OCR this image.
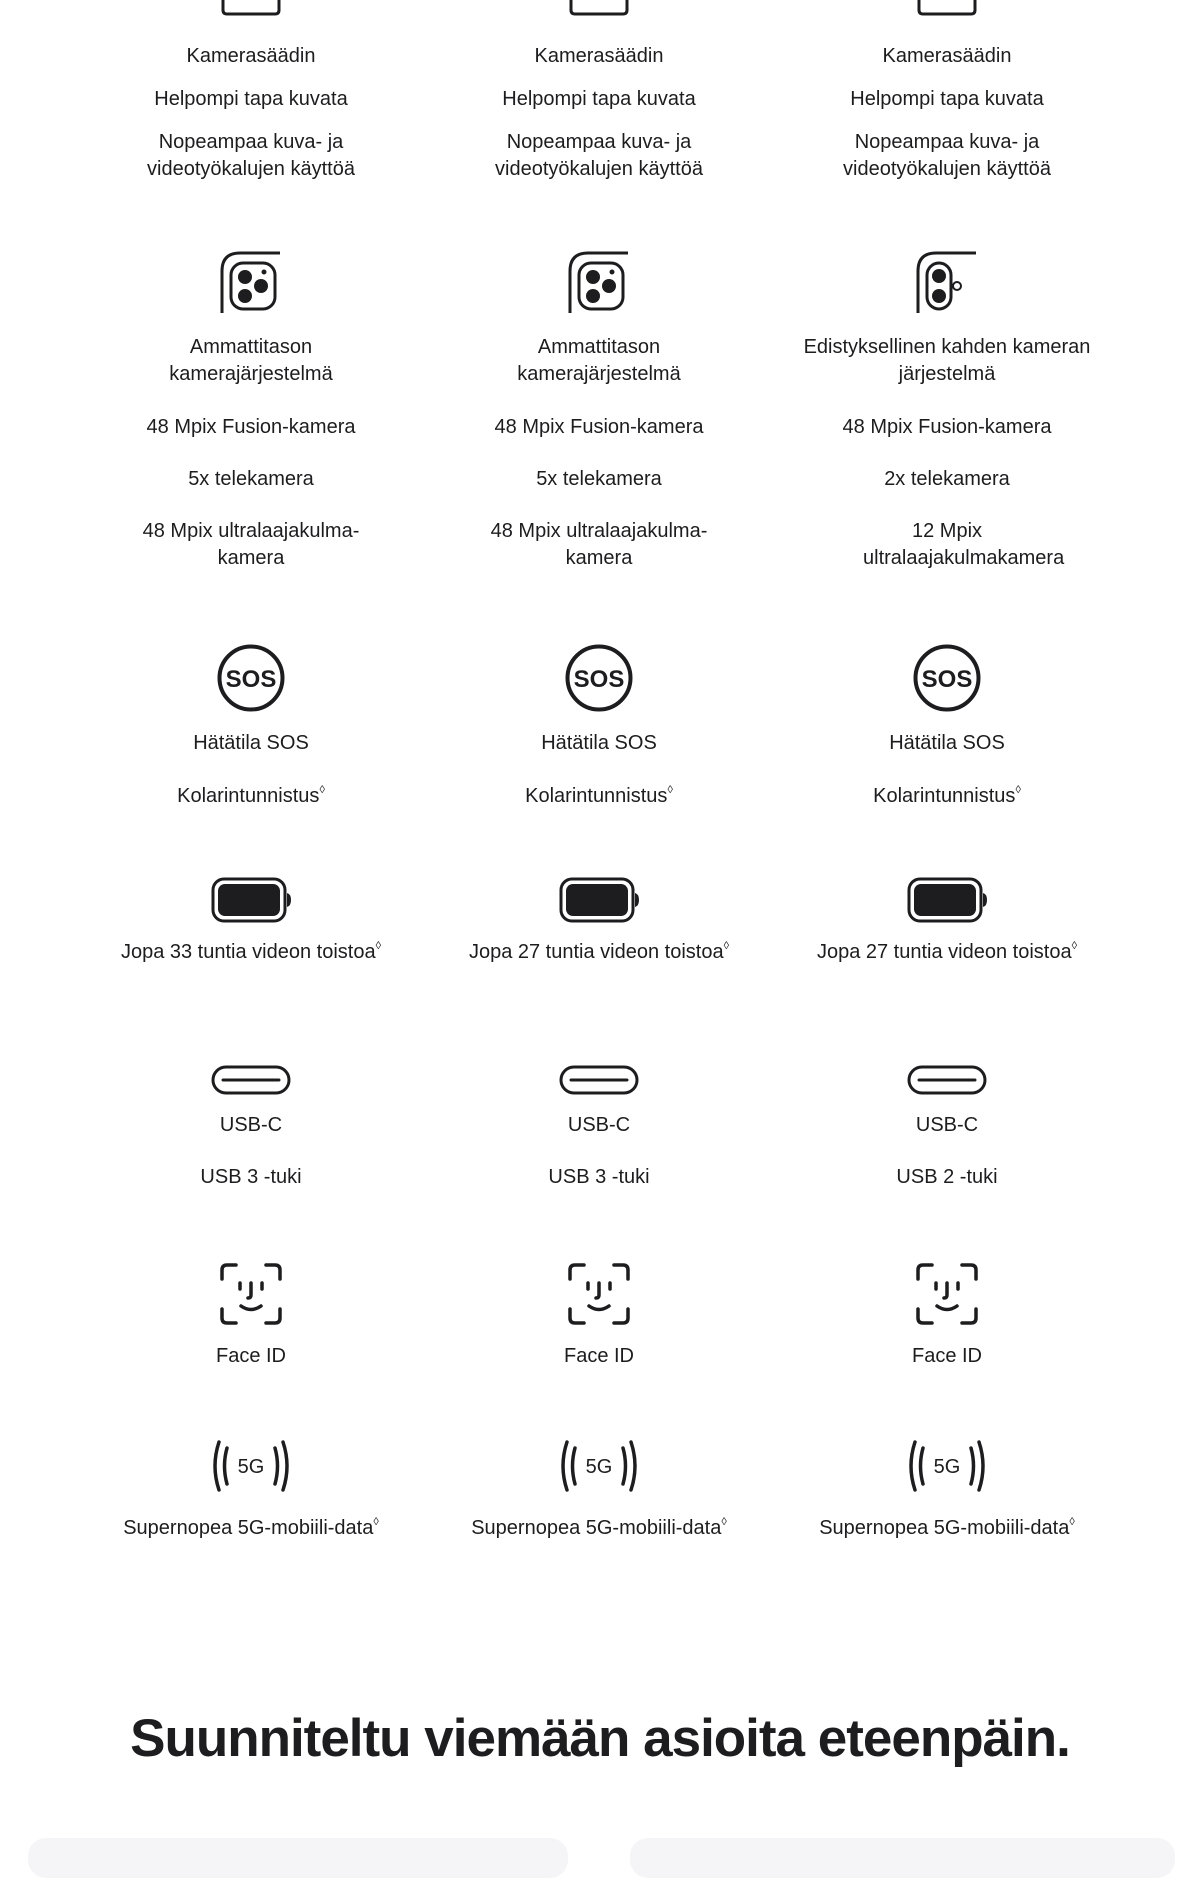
Kamerasäädin
Helpompi tapa kuvata
Nopeampaa kuva- ja videotyökalujen käyttöä
Ammattitason kamerajärjestelmä
48 Mpix Fusion-kamera
5x telekamera
48 Mpix ultralaajakulma-kamera
SOS
Hätätila SOS
Kolarintunnistus◊
Jopa 33 tuntia videon toistoa◊
USB-C
USB 3 -tuki
Face ID
5G
Supernopea 5G-mobiili-data◊
Kamerasäädin
Helpompi tapa kuvata
Nopeampaa kuva- ja videotyökalujen käyttöä
Ammattitason kamerajärjestelmä
48 Mpix Fusion-kamera
5x telekamera
48 Mpix ultralaajakulma-kamera
SOS
Hätätila SOS
Kolarintunnistus◊
Jopa 27 tuntia videon toistoa◊
USB-C
USB 3 -tuki
Face ID
5G
Supernopea 5G-mobiili-data◊
Kamerasäädin
Helpompi tapa kuvata
Nopeampaa kuva- ja videotyökalujen käyttöä
Edistyksellinen kahden kameran järjestelmä
48 Mpix Fusion-kamera
2x telekamera
12 Mpix ultralaajakulmakamera
SOS
Hätätila SOS
Kolarintunnistus◊
Jopa 27 tuntia videon toistoa◊
USB-C
USB 2 -tuki
Face ID
5G
Supernopea 5G-mobiili-data◊
Suunniteltu viemään asioita eteenpäin.
